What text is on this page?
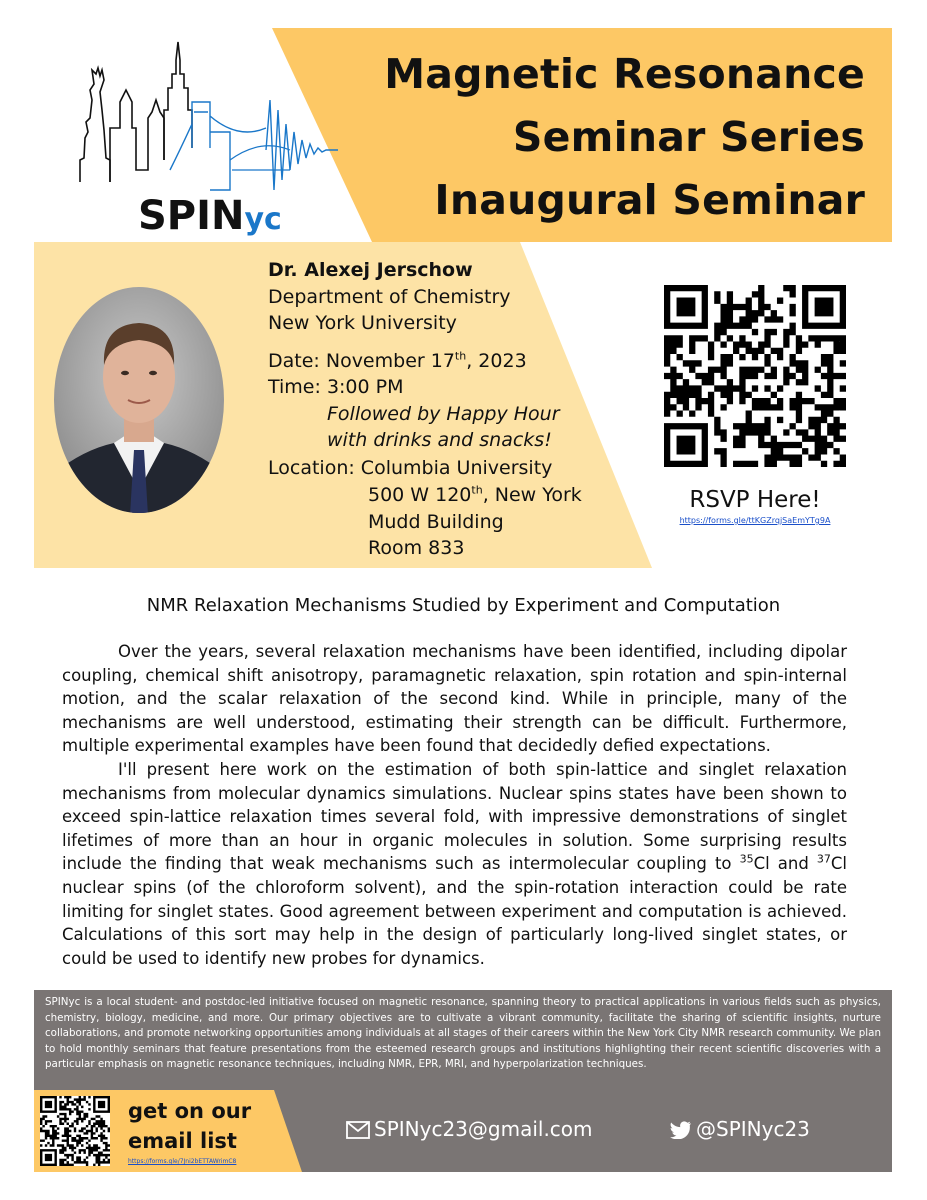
Magnetic Resonance
Seminar Series
Inaugural Seminar
SPINyc
Dr. Alexej Jerschow
Department of Chemistry
New York University
Date: November 17th, 2023
Time: 3:00 PM
Followed by Happy Hour
with drinks and snacks!
Location: Columbia University
500 W 120th, New York
Mudd Building
Room 833
RSVP Here!
https://forms.gle/ttKGZrqjSaEmYTg9A
NMR Relaxation Mechanisms Studied by Experiment and Computation

Over the years, several relaxation mechanisms have been identified, including dipolar coupling, chemical shift anisotropy, paramagnetic relaxation, spin rotation and spin-internal motion, and the scalar relaxation of the second kind. While in principle, many of the mechanisms are well understood, estimating their strength can be difficult. Furthermore, multiple experimental examples have been found that decidedly defied expectations.

I'll present here work on the estimation of both spin-lattice and singlet relaxation mechanisms from molecular dynamics simulations. Nuclear spins states have been shown to exceed spin-lattice relaxation times several fold, with impressive demonstrations of singlet lifetimes of more than an hour in organic molecules in solution. Some surprising results include the finding that weak mechanisms such as intermolecular coupling to $^{35}$Cl and $^{37}$Cl nuclear spins (of the chloroform solvent), and the spin-rotation interaction could be rate limiting for singlet states. Good agreement between experiment and computation is achieved. Calculations of this sort may help in the design of particularly long-lived singlet states, or could be used to identify new probes for dynamics.

SPINyc is a local student- and postdoc-led initiative focused on magnetic resonance, spanning theory to practical applications in various fields such as physics, chemistry, biology, medicine, and more. Our primary objectives are to cultivate a vibrant community, facilitate the sharing of scientific insights, nurture collaborations, and promote networking opportunities among individuals at all stages of their careers within the New York City NMR research community. We plan to hold monthly seminars that feature presentations from the esteemed research groups and institutions highlighting their recent scientific discoveries with a particular emphasis on magnetic resonance techniques, including NMR, EPR, MRI, and hyperpolarization techniques.
get on our
email list
https://forms.gle/7Jni2bETTAWrimC8
SPINyc23@gmail.com	@SPINyc23
